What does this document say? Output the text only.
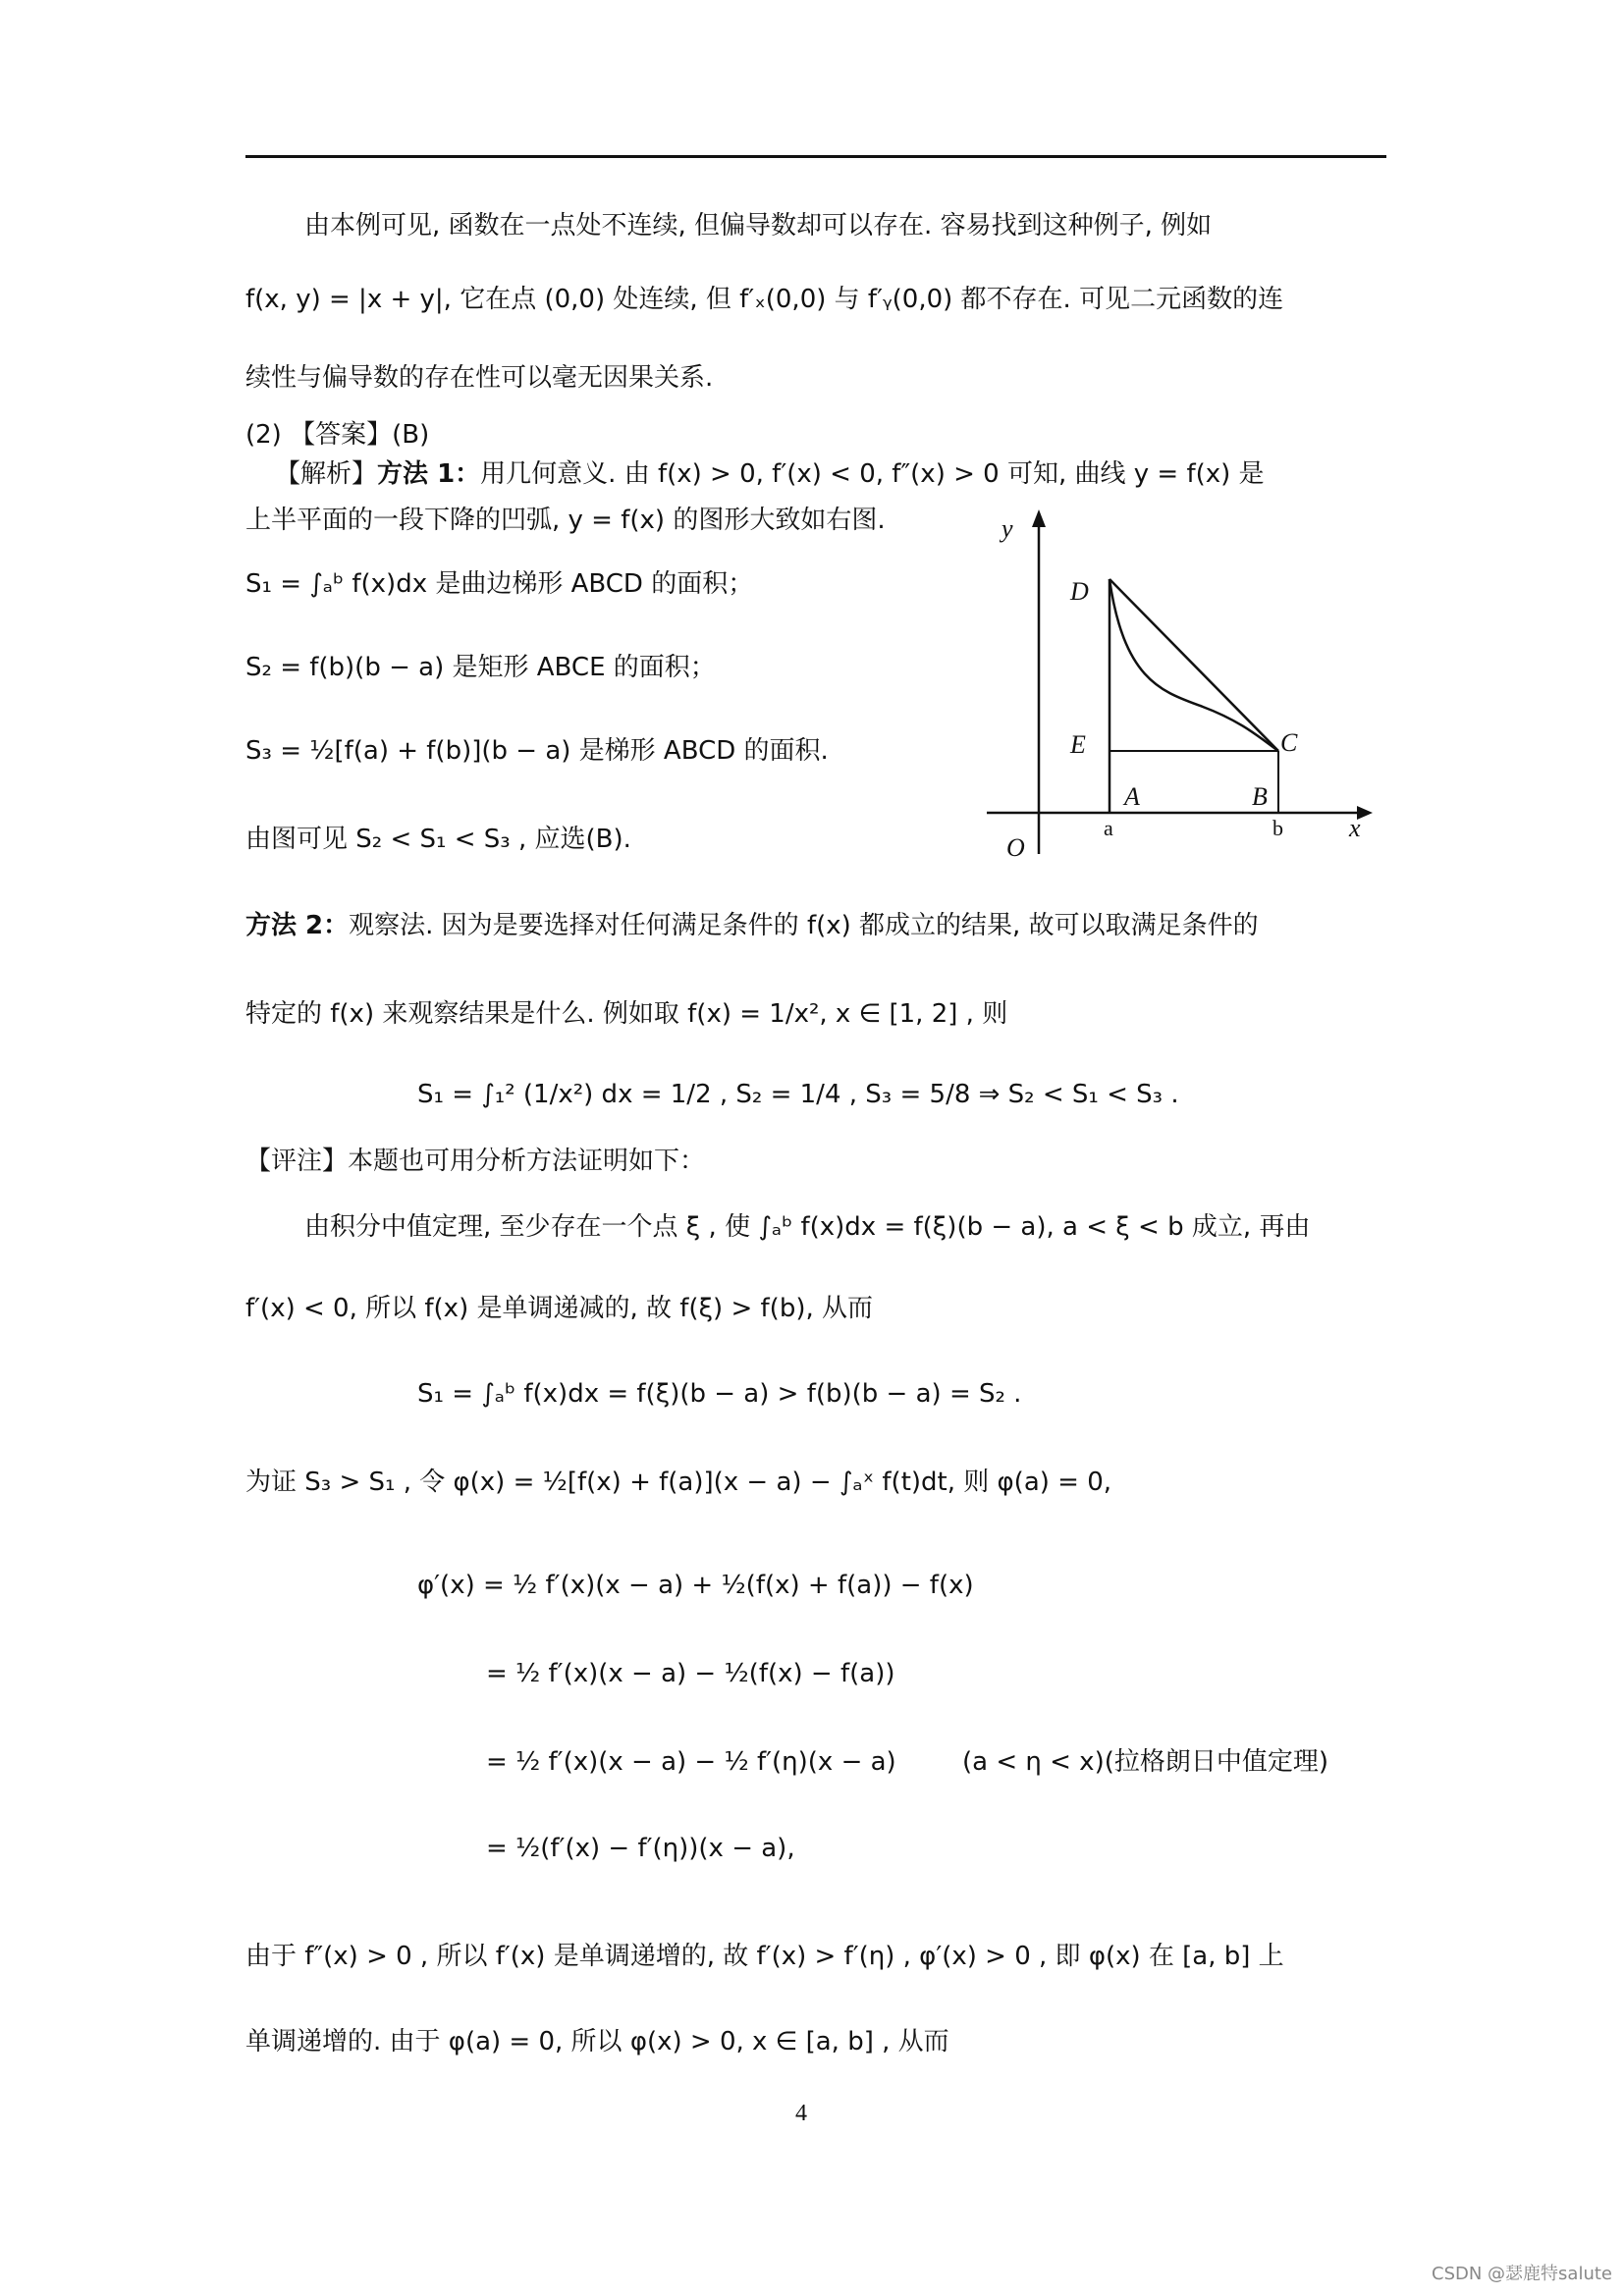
由本例可见, 函数在一点处不连续, 但偏导数却可以存在. 容易找到这种例子, 例如
f(x, y) = |x + y|, 它在点 (0,0) 处连续, 但 f′ₓ(0,0) 与 f′ᵧ(0,0) 都不存在. 可见二元函数的连
续性与偏导数的存在性可以毫无因果关系.
(2) 【答案】(B)
【解析】方法 1：用几何意义. 由 f(x) > 0, f′(x) < 0, f″(x) > 0 可知, 曲线 y = f(x) 是
上半平面的一段下降的凹弧, y = f(x) 的图形大致如右图.
S₁ = ∫ₐᵇ f(x)dx 是曲边梯形 ABCD 的面积；
S₂ = f(b)(b − a) 是矩形 ABCE 的面积；
S₃ = ½[f(a) + f(b)](b − a) 是梯形 ABCD 的面积.
由图可见 S₂ < S₁ < S₃ , 应选(B).
D
E	C
A	B
a	b	x
y
O
方法 2：观察法. 因为是要选择对任何满足条件的 f(x) 都成立的结果, 故可以取满足条件的
特定的 f(x) 来观察结果是什么. 例如取 f(x) = 1/x², x ∈ [1, 2] , 则
S₁ = ∫₁² (1/x²) dx = 1/2 , S₂ = 1/4 , S₃ = 5/8 ⇒ S₂ < S₁ < S₃ .
【评注】本题也可用分析方法证明如下：
由积分中值定理, 至少存在一个点 ξ , 使 ∫ₐᵇ f(x)dx = f(ξ)(b − a), a < ξ < b 成立, 再由
f′(x) < 0, 所以 f(x) 是单调递减的, 故 f(ξ) > f(b), 从而
S₁ = ∫ₐᵇ f(x)dx = f(ξ)(b − a) > f(b)(b − a) = S₂ .
为证 S₃ > S₁ , 令 φ(x) = ½[f(x) + f(a)](x − a) − ∫ₐˣ f(t)dt, 则 φ(a) = 0,
φ′(x) = ½ f′(x)(x − a) + ½(f(x) + f(a)) − f(x)
= ½ f′(x)(x − a) − ½(f(x) − f(a))
= ½ f′(x)(x − a) − ½ f′(η)(x − a)	(a < η < x)(拉格朗日中值定理)
= ½(f′(x) − f′(η))(x − a),
由于 f″(x) > 0 , 所以 f′(x) 是单调递增的, 故 f′(x) > f′(η) , φ′(x) > 0 , 即 φ(x) 在 [a, b] 上
单调递增的. 由于 φ(a) = 0, 所以 φ(x) > 0, x ∈ [a, b] , 从而
4
CSDN @瑟鹿特salute
